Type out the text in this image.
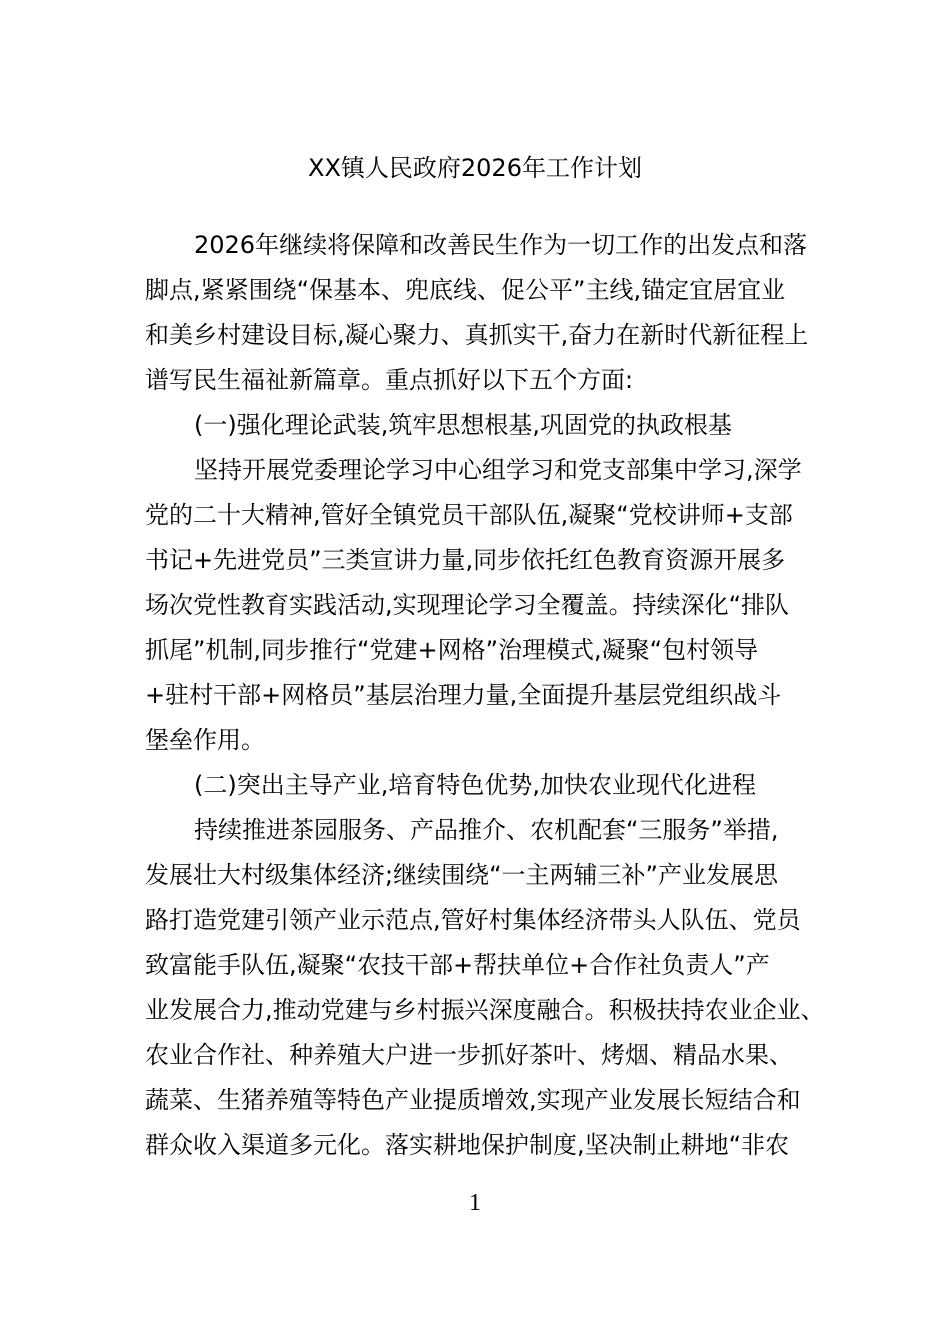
XX镇人民政府2026年工作计划
2026年继续将保障和改善民生作为一切工作的出发点和落
脚点,紧紧围绕“保基本、兜底线、促公平”主线,锚定宜居宜业
和美乡村建设目标,凝心聚力、真抓实干,奋力在新时代新征程上
谱写民生福祉新篇章。重点抓好以下五个方面:
(一)强化理论武装,筑牢思想根基,巩固党的执政根基
坚持开展党委理论学习中心组学习和党支部集中学习,深学
党的二十大精神,管好全镇党员干部队伍,凝聚“党校讲师+支部
书记+先进党员”三类宣讲力量,同步依托红色教育资源开展多
场次党性教育实践活动,实现理论学习全覆盖。持续深化“排队
抓尾”机制,同步推行“党建+网格”治理模式,凝聚“包村领导
+驻村干部+网格员”基层治理力量,全面提升基层党组织战斗
堡垒作用。
(二)突出主导产业,培育特色优势,加快农业现代化进程
持续推进茶园服务、产品推介、农机配套“三服务”举措,
发展壮大村级集体经济;继续围绕“一主两辅三补”产业发展思
路打造党建引领产业示范点,管好村集体经济带头人队伍、党员
致富能手队伍,凝聚“农技干部+帮扶单位+合作社负责人”产
业发展合力,推动党建与乡村振兴深度融合。积极扶持农业企业、
农业合作社、种养殖大户进一步抓好茶叶、烤烟、精品水果、
蔬菜、生猪养殖等特色产业提质增效,实现产业发展长短结合和
群众收入渠道多元化。落实耕地保护制度,坚决制止耕地“非农
1
